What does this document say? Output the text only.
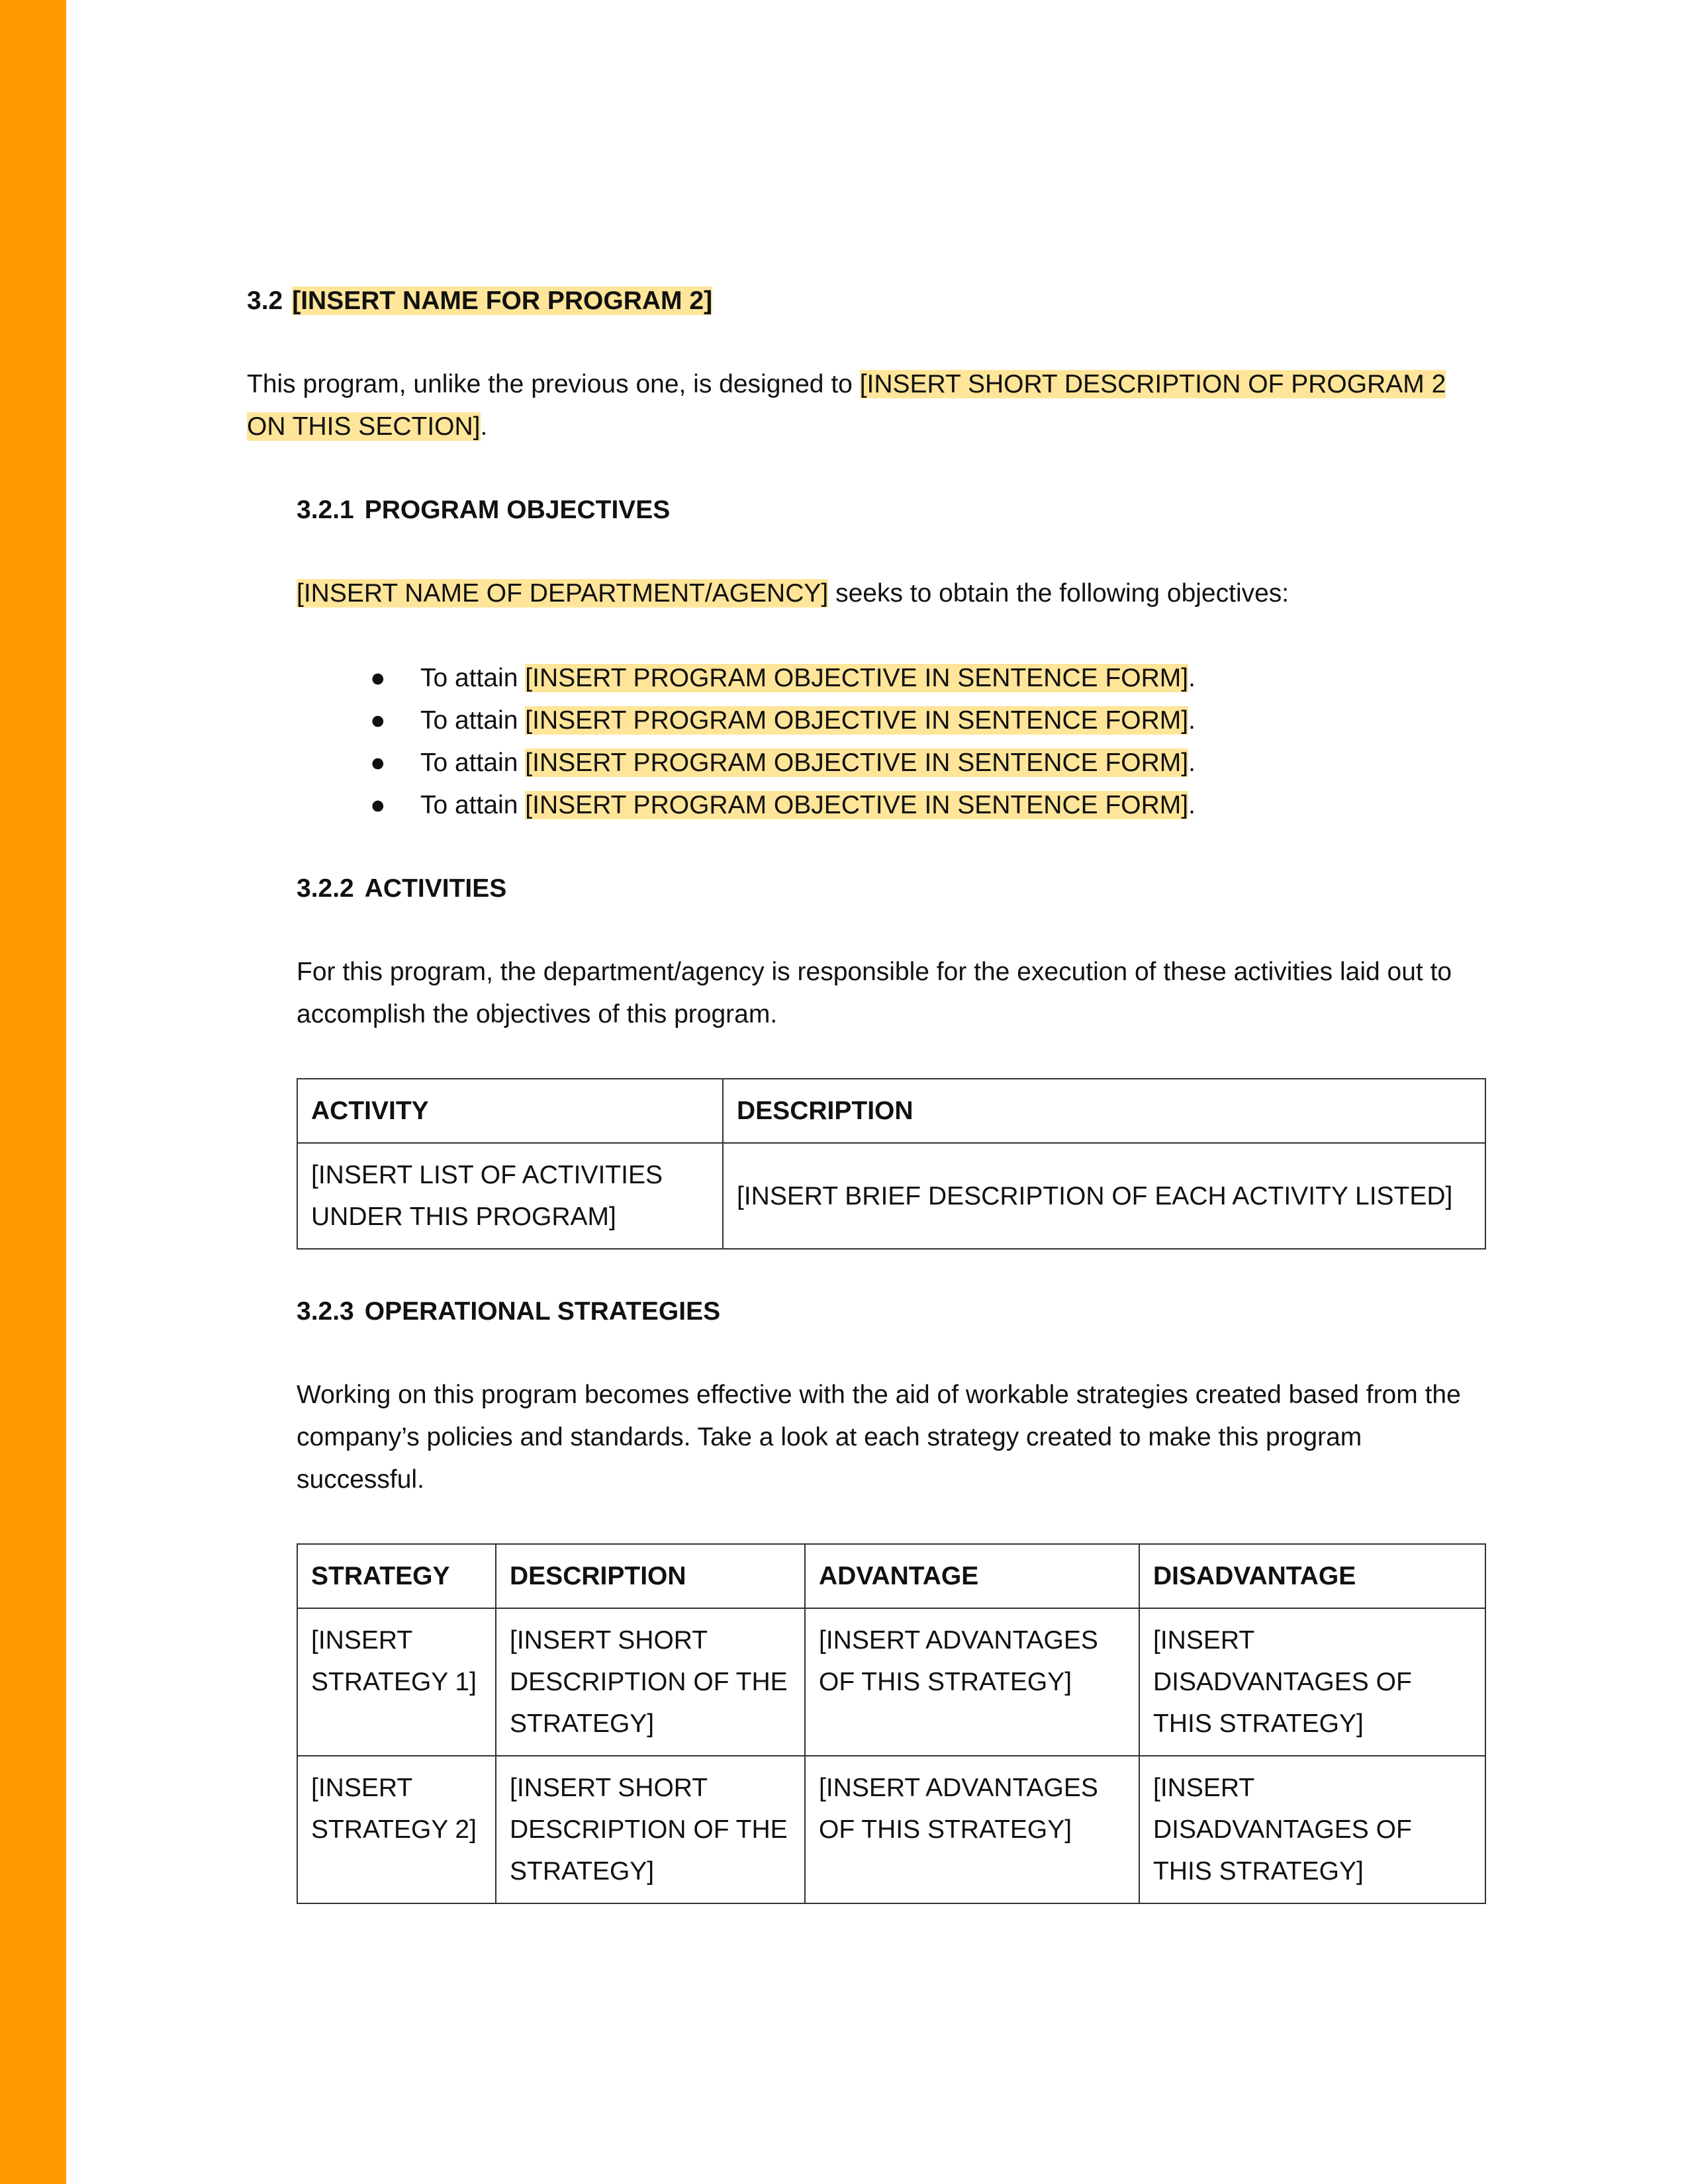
3.2 [INSERT NAME FOR PROGRAM 2]

This program, unlike the previous one, is designed to [INSERT SHORT DESCRIPTION OF PROGRAM 2 ON THIS SECTION].

3.2.1 PROGRAM OBJECTIVES

[INSERT NAME OF DEPARTMENT/AGENCY] seeks to obtain the following objectives:

● To attain [INSERT PROGRAM OBJECTIVE IN SENTENCE FORM].
● To attain [INSERT PROGRAM OBJECTIVE IN SENTENCE FORM].
● To attain [INSERT PROGRAM OBJECTIVE IN SENTENCE FORM].
● To attain [INSERT PROGRAM OBJECTIVE IN SENTENCE FORM].
3.2.2 ACTIVITIES

For this program, the department/agency is responsible for the execution of these activities laid out to accomplish the objectives of this program.

ACTIVITY	DESCRIPTION
[INSERT LIST OF ACTIVITIES UNDER THIS PROGRAM]	[INSERT BRIEF DESCRIPTION OF EACH ACTIVITY LISTED]
3.2.3 OPERATIONAL STRATEGIES

Working on this program becomes effective with the aid of workable strategies created based from the company’s policies and standards. Take a look at each strategy created to make this program successful.

STRATEGY	DESCRIPTION	ADVANTAGE	DISADVANTAGE
[INSERT STRATEGY 1]	[INSERT SHORT DESCRIPTION OF THE STRATEGY]	[INSERT ADVANTAGES OF THIS STRATEGY]	[INSERT DISADVANTAGES OF THIS STRATEGY]
[INSERT STRATEGY 2]	[INSERT SHORT DESCRIPTION OF THE STRATEGY]	[INSERT ADVANTAGES OF THIS STRATEGY]	[INSERT DISADVANTAGES OF THIS STRATEGY]
